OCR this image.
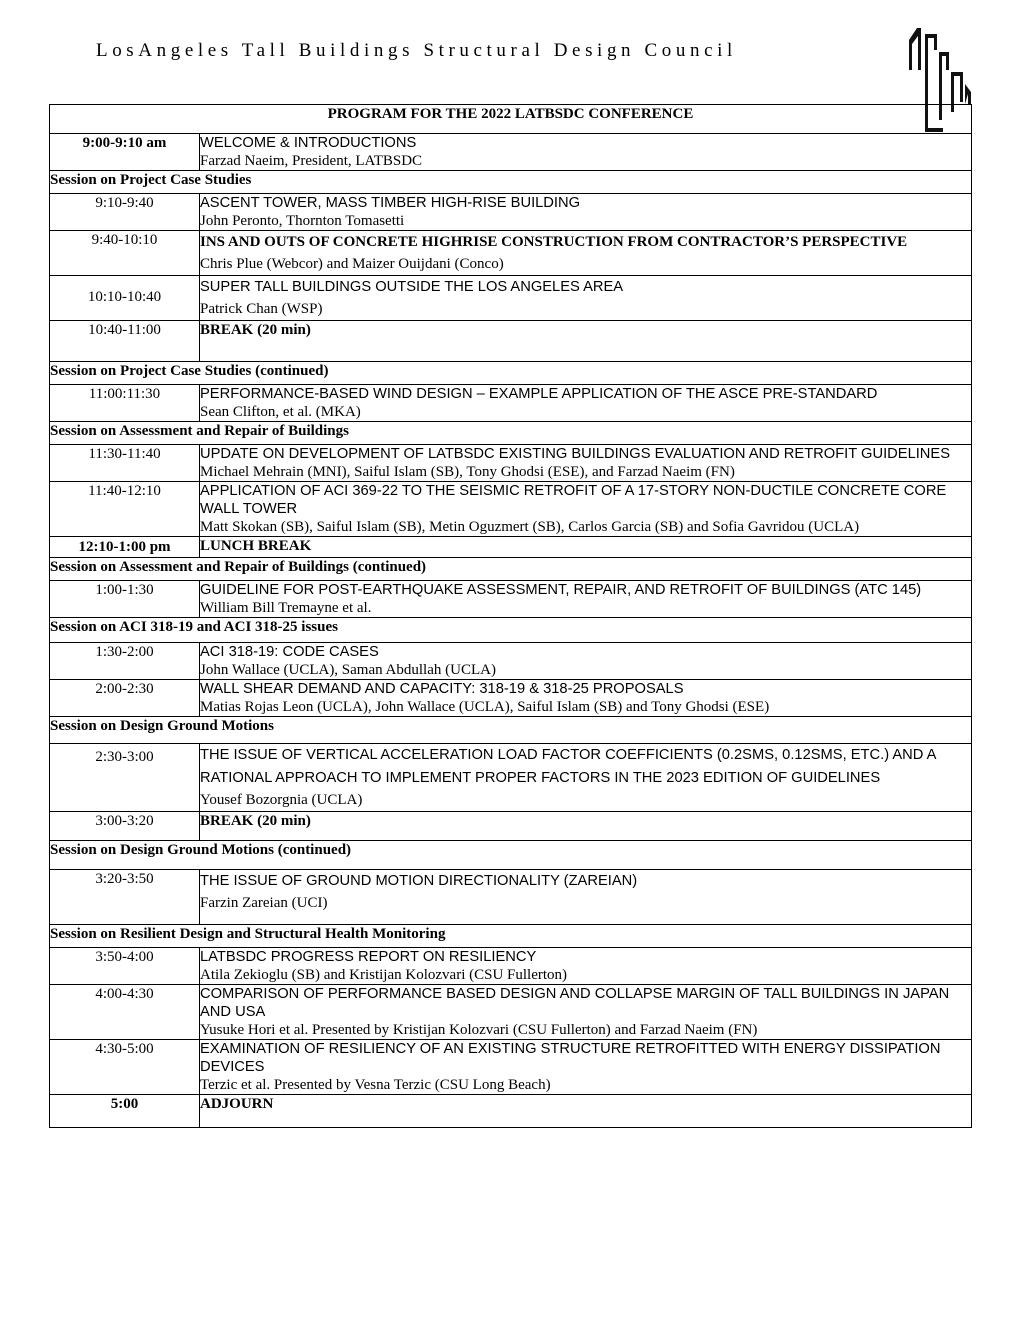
LosAngeles Tall Buildings Structural Design Council
PROGRAM FOR THE 2022 LATBSDC CONFERENCE	
9:00-9:10 am	WELCOME & INTRODUCTIONS
Farzad Naeim, President, LATBSDC

Session on Project Case Studies	
9:10-9:40	ASCENT TOWER, MASS TIMBER HIGH-RISE BUILDING
John Peronto, Thornton Tomasetti

9:40-10:10	INS AND OUTS OF CONCRETE HIGHRISE CONSTRUCTION FROM CONTRACTOR’S PERSPECTIVE
Chris Plue (Webcor) and Maizer Ouijdani (Conco)

10:10-10:40	SUPER TALL BUILDINGS OUTSIDE THE LOS ANGELES AREA
Patrick Chan (WSP)

10:40-11:00	BREAK (20 min)

Session on Project Case Studies (continued)	
11:00:11:30	PERFORMANCE-BASED WIND DESIGN – EXAMPLE APPLICATION OF THE ASCE PRE-STANDARD
Sean Clifton, et al. (MKA)

Session on Assessment and Repair of Buildings	
11:30-11:40	UPDATE ON DEVELOPMENT OF LATBSDC EXISTING BUILDINGS EVALUATION AND RETROFIT GUIDELINES
Michael Mehrain (MNI), Saiful Islam (SB), Tony Ghodsi (ESE), and Farzad Naeim (FN)

11:40-12:10	APPLICATION OF ACI 369-22 TO THE SEISMIC RETROFIT OF A 17-STORY NON-DUCTILE CONCRETE CORE WALL TOWER
Matt Skokan (SB), Saiful Islam (SB), Metin Oguzmert (SB), Carlos Garcia (SB) and Sofia Gavridou (UCLA)

12:10-1:00 pm	LUNCH BREAK

Session on Assessment and Repair of Buildings (continued)	
1:00-1:30	GUIDELINE FOR POST-EARTHQUAKE ASSESSMENT, REPAIR, AND RETROFIT OF BUILDINGS (ATC 145)
William Bill Tremayne et al.

Session on ACI 318-19 and ACI 318-25 issues	
1:30-2:00	ACI 318-19: CODE CASES
John Wallace (UCLA), Saman Abdullah (UCLA)

2:00-2:30	WALL SHEAR DEMAND AND CAPACITY: 318-19 & 318-25 PROPOSALS
Matias Rojas Leon (UCLA), John Wallace (UCLA), Saiful Islam (SB) and Tony Ghodsi (ESE)

Session on Design Ground Motions	
2:30-3:00	THE ISSUE OF VERTICAL ACCELERATION LOAD FACTOR COEFFICIENTS (0.2SMS, 0.12SMS, ETC.) AND A RATIONAL APPROACH TO IMPLEMENT PROPER FACTORS IN THE 2023 EDITION OF GUIDELINES
Yousef Bozorgnia (UCLA)

3:00-3:20	BREAK (20 min)

Session on Design Ground Motions (continued)	
3:20-3:50	THE ISSUE OF GROUND MOTION DIRECTIONALITY (ZAREIAN)
Farzin Zareian (UCI)

Session on Resilient Design and Structural Health Monitoring	
3:50-4:00	LATBSDC PROGRESS REPORT ON RESILIENCY
Atila Zekioglu (SB) and Kristijan Kolozvari (CSU Fullerton)

4:00-4:30	COMPARISON OF PERFORMANCE BASED DESIGN AND COLLAPSE MARGIN OF TALL BUILDINGS IN JAPAN AND USA
Yusuke Hori et al. Presented by Kristijan Kolozvari (CSU Fullerton) and Farzad Naeim (FN)

4:30-5:00	EXAMINATION OF RESILIENCY OF AN EXISTING STRUCTURE RETROFITTED WITH ENERGY DISSIPATION DEVICES
Terzic et al. Presented by Vesna Terzic (CSU Long Beach)

5:00	ADJOURN
